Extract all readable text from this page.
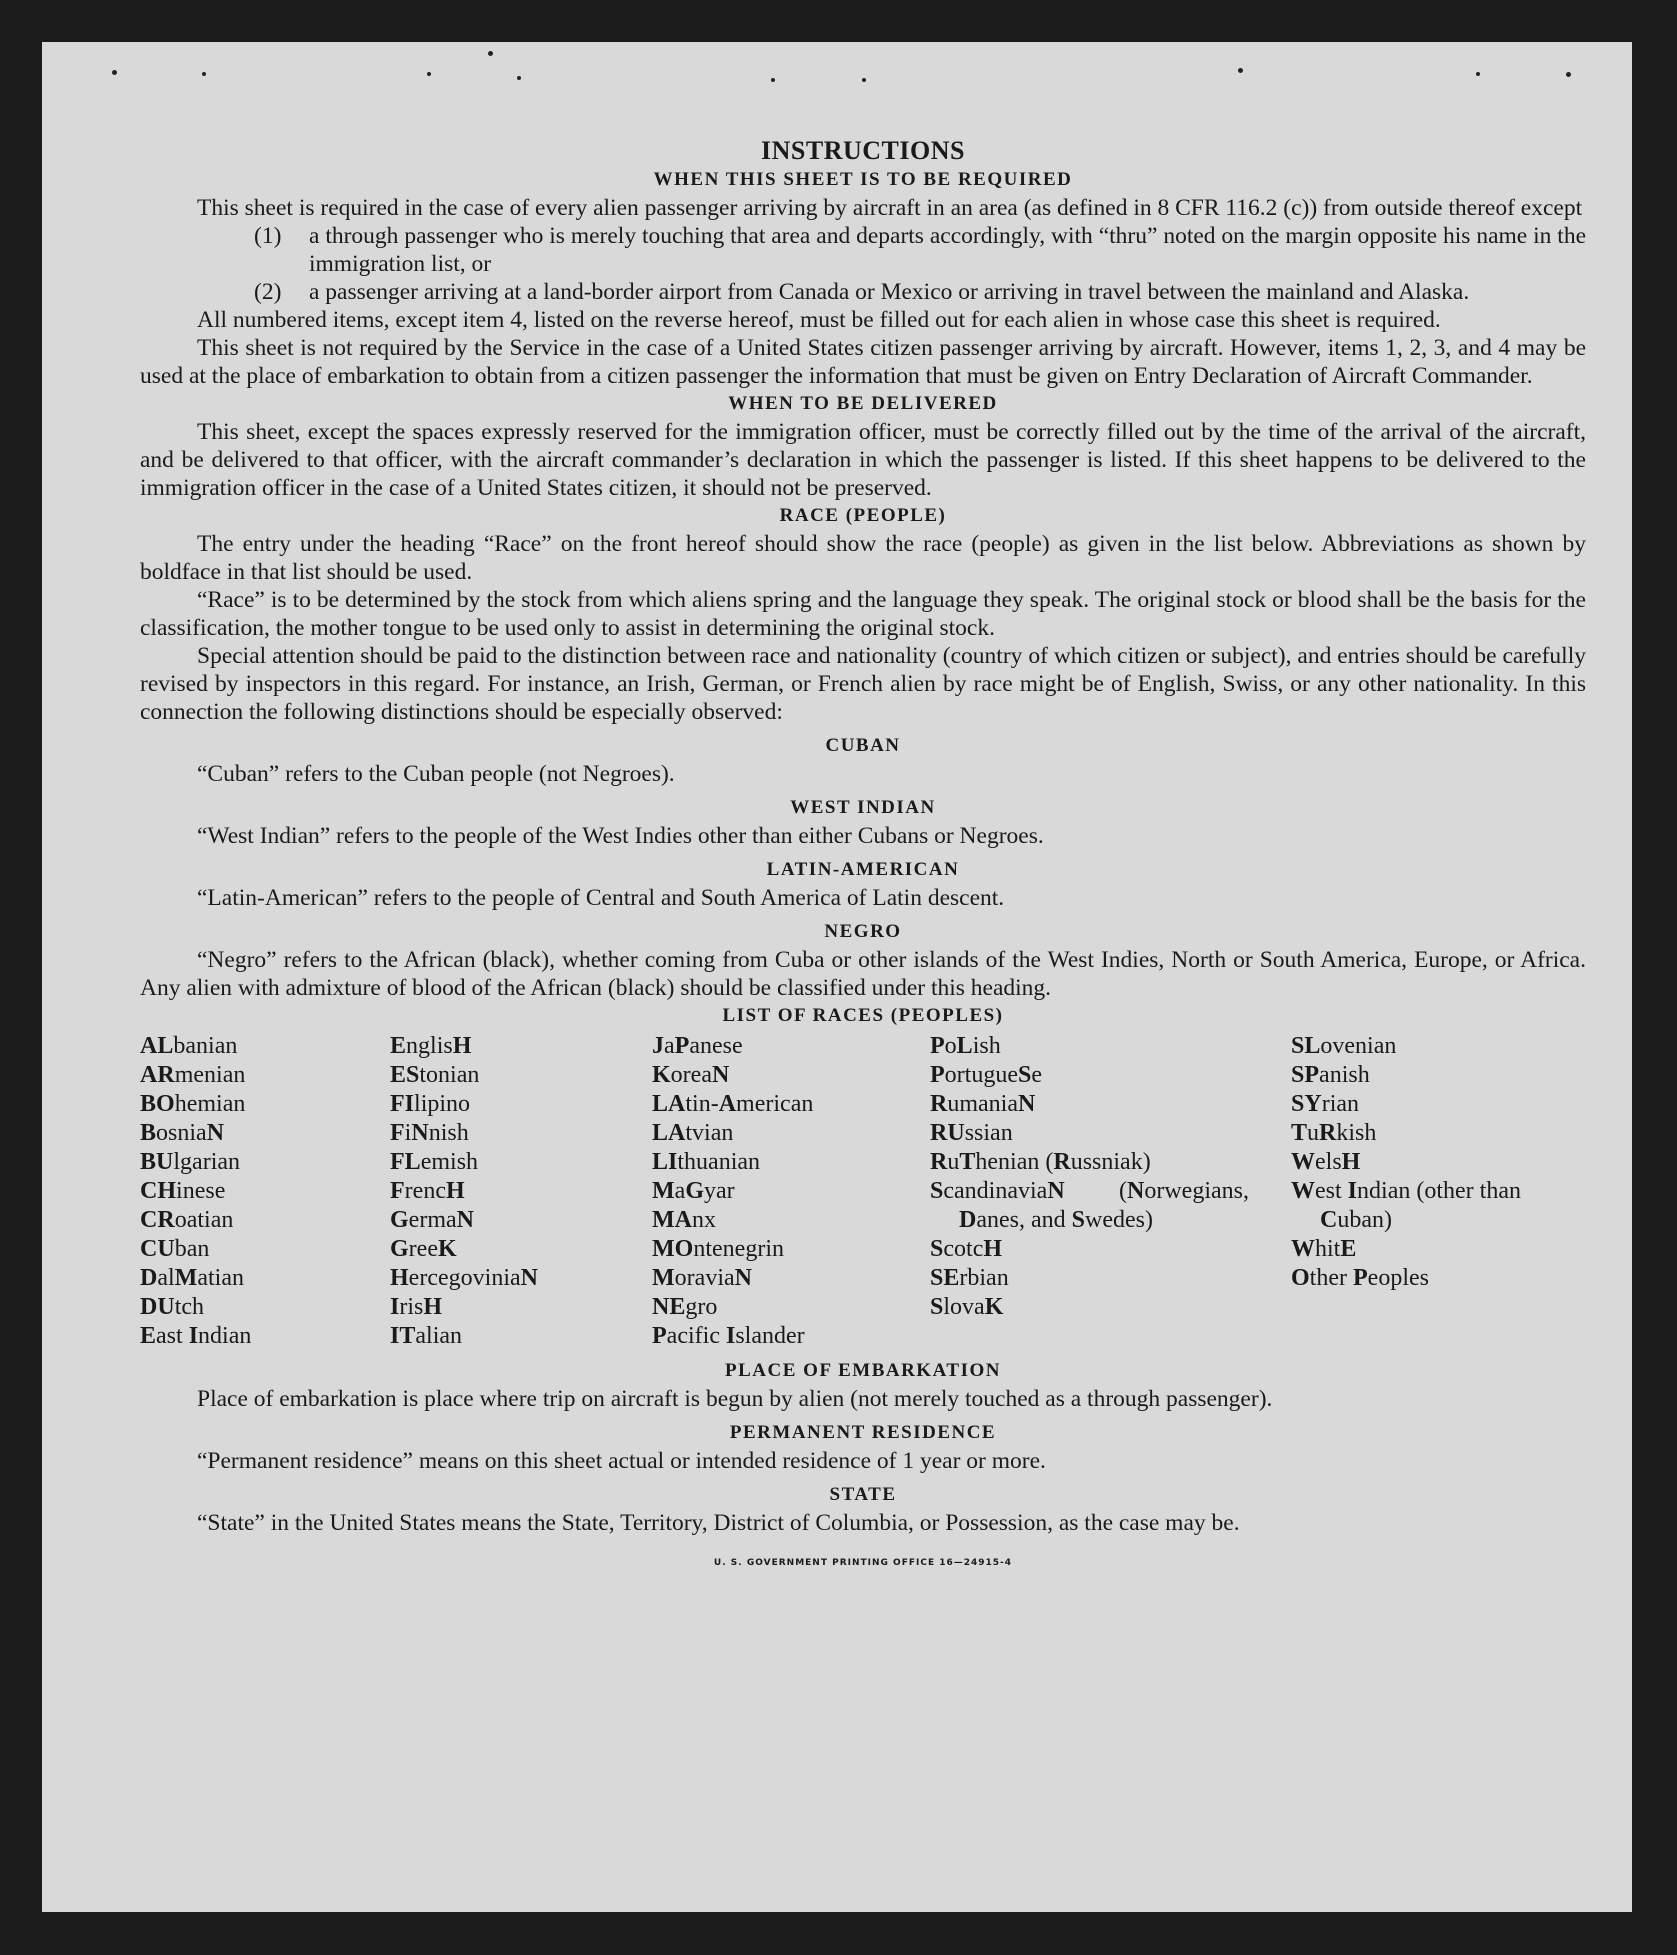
INSTRUCTIONS
WHEN THIS SHEET IS TO BE REQUIRED

This sheet is required in the case of every alien passenger arriving by aircraft in an area (as defined in 8 CFR 116.2 (c)) from outside thereof except

(1)	a through passenger who is merely touching that area and departs accordingly, with “thru” noted on the margin opposite his name in the immigration list, or
(2)	a passenger arriving at a land-border airport from Canada or Mexico or arriving in travel between the mainland and Alaska.

All numbered items, except item 4, listed on the reverse hereof, must be filled out for each alien in whose case this sheet is required.

This sheet is not required by the Service in the case of a United States citizen passenger arriving by aircraft. However, items 1, 2, 3, and 4 may be used at the place of embarkation to obtain from a citizen passenger the information that must be given on Entry Declaration of Aircraft Commander.

WHEN TO BE DELIVERED

This sheet, except the spaces expressly reserved for the immigration officer, must be correctly filled out by the time of the arrival of the aircraft, and be delivered to that officer, with the aircraft commander’s declaration in which the passenger is listed. If this sheet happens to be delivered to the immigration officer in the case of a United States citizen, it should not be preserved.

RACE (PEOPLE)

The entry under the heading “Race” on the front hereof should show the race (people) as given in the list below. Abbreviations as shown by boldface in that list should be used.

“Race” is to be determined by the stock from which aliens spring and the language they speak. The original stock or blood shall be the basis for the classification, the mother tongue to be used only to assist in determining the original stock.

Special attention should be paid to the distinction between race and nationality (country of which citizen or subject), and entries should be carefully revised by inspectors in this regard. For instance, an Irish, German, or French alien by race might be of English, Swiss, or any other nationality. In this connection the following distinctions should be especially observed:

CUBAN
“Cuban” refers to the Cuban people (not Negroes).
WEST INDIAN
“West Indian” refers to the people of the West Indies other than either Cubans or Negroes.
LATIN-AMERICAN
“Latin-American” refers to the people of Central and South America of Latin descent.
NEGRO

“Negro” refers to the African (black), whether coming from Cuba or other islands of the West Indies, North or South America, Europe, or Africa. Any alien with admixture of blood of the African (black) should be classified under this heading.

LIST OF RACES (PEOPLES)
ALbanian
ARmenian
BOhemian
BosniaN
BUlgarian
CHinese
CRoatian
CUban
DalMatian
DUtch
East Indian
EnglisH
EStonian
FIlipino
FiNnish
FLemish
FrencH
GermaN
GreeK
HercegoviniaN
IrisH
ITalian
JaPanese
KoreaN
LAtin-American
LAtvian
LIthuanian
MaGyar
MAnx
MOntenegrin
MoraviaN
NEgro
Pacific Islander
PoLish
PortugueSe
RumaniaN
RUssian
RuThenian (Russniak)
ScandinaviaN (Norwegians, Danes, and Swedes)
ScotcH
SErbian
SlovaK
SLovenian
SPanish
SYrian
TuRkish
WelsH
West Indian (other than Cuban)
WhitE
Other Peoples
PLACE OF EMBARKATION

Place of embarkation is place where trip on aircraft is begun by alien (not merely touched as a through passenger).

PERMANENT RESIDENCE
“Permanent residence” means on this sheet actual or intended residence of 1 year or more.
STATE

“State” in the United States means the State, Territory, District of Columbia, or Possession, as the case may be.

U. S. GOVERNMENT PRINTING OFFICE 16—24915-4
